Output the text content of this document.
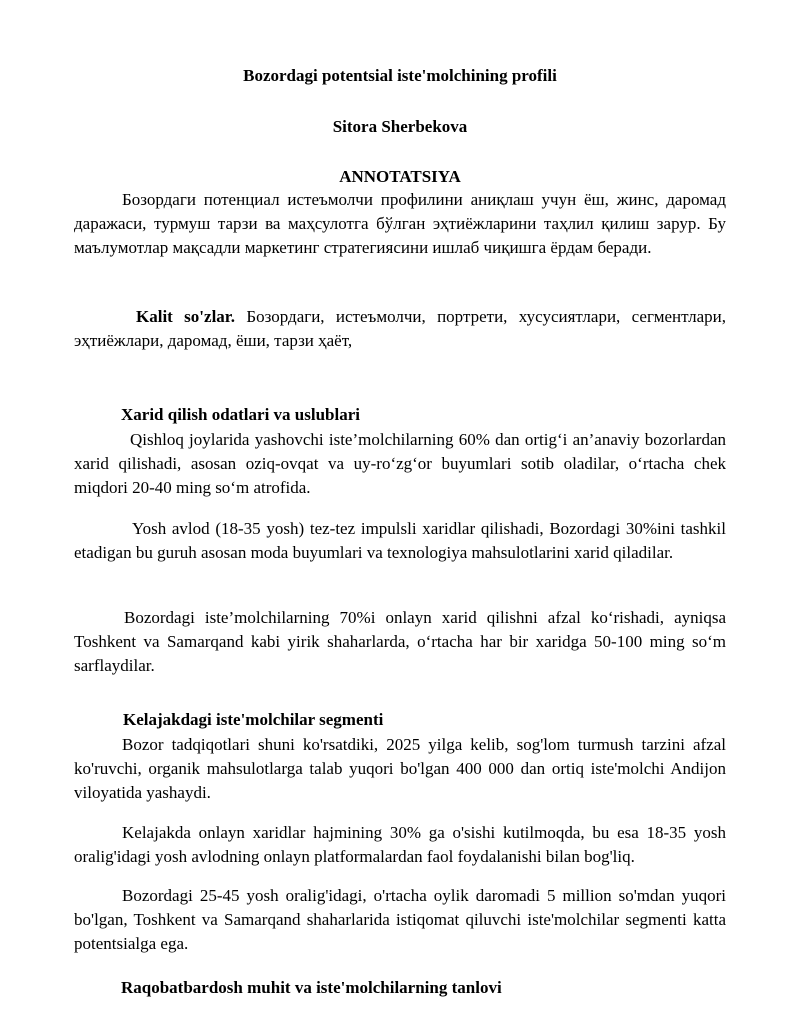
Bozordagi potentsial iste'molchining profili

Sitora Sherbekova

ANNOTATSIYA

Бозордаги потенциал истеъмолчи профилини аниқлаш учун ёш, жинс, даромад даражаси, турмуш тарзи ва маҳсулотга бўлган эҳтиёжларини таҳлил қилиш зарур. Бу маълумотлар мақсадли маркетинг стратегиясини ишлаб чиқишга ёрдам беради.

Kalit so'zlar. Бозордаги, истеъмолчи, портрети, хусусиятлари, сегментлари, эҳтиёжлари, даромад, ёши, тарзи ҳаёт,

Xarid qilish odatlari va uslublari

Qishloq joylarida yashovchi iste’molchilarning 60% dan ortig‘i an’anaviy bozorlardan xarid qilishadi, asosan oziq-ovqat va uy-ro‘zg‘or buyumlari sotib oladilar, o‘rtacha chek miqdori 20-40 ming so‘m atrofida.

Yosh avlod (18-35 yosh) tez-tez impulsli xaridlar qilishadi, Bozordagi 30%ini tashkil etadigan bu guruh asosan moda buyumlari va texnologiya mahsulotlarini xarid qiladilar.

Bozordagi iste’molchilarning 70%i onlayn xarid qilishni afzal ko‘rishadi, ayniqsa Toshkent va Samarqand kabi yirik shaharlarda, o‘rtacha har bir xaridga 50-100 ming so‘m sarflaydilar.

Kelajakdagi iste'molchilar segmenti

Bozor tadqiqotlari shuni ko'rsatdiki, 2025 yilga kelib, sog'lom turmush tarzini afzal ko'ruvchi, organik mahsulotlarga talab yuqori bo'lgan 400 000 dan ortiq iste'molchi Andijon viloyatida yashaydi.

Kelajakda onlayn xaridlar hajmining 30% ga o'sishi kutilmoqda, bu esa 18-35 yosh oralig'idagi yosh avlodning onlayn platformalardan faol foydalanishi bilan bog'liq.

Bozordagi 25-45 yosh oralig'idagi, o'rtacha oylik daromadi 5 million so'mdan yuqori bo'lgan, Toshkent va Samarqand shaharlarida istiqomat qiluvchi iste'molchilar segmenti katta potentsialga ega.

Raqobatbardosh muhit va iste'molchilarning tanlovi
